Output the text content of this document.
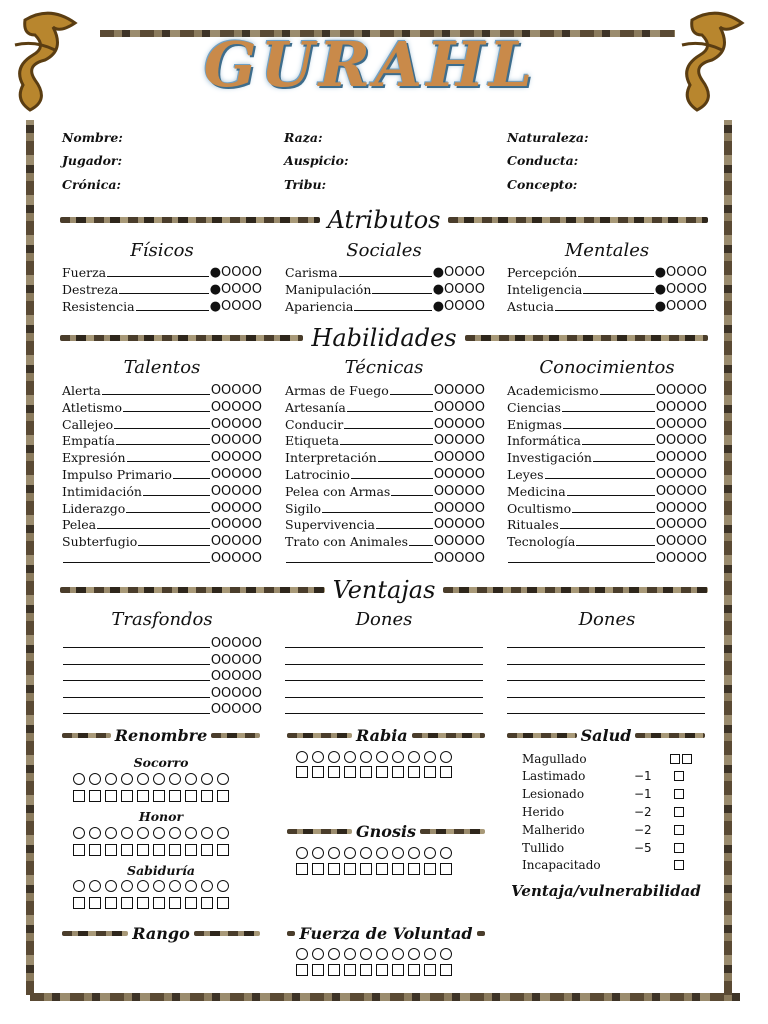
GURAHL
Nombre:
Jugador:
Crónica:
Raza:
Auspicio:
Tribu:
Naturaleza:
Conducta:
Concepto:
Atributos
Físicos	Sociales	Mentales
Fuerza	●OOOO
Destreza	●OOOO
Resistencia	●OOOO
Carisma	●OOOO
Manipulación	●OOOO
Apariencia	●OOOO
Percepción	●OOOO
Inteligencia	●OOOO
Astucia	●OOOO
Habilidades
Talentos	Técnicas	Conocimientos
Alerta	OOOOO
Atletismo	OOOOO
Callejeo	OOOOO
Empatía	OOOOO
Expresión	OOOOO
Impulso Primario	OOOOO
Intimidación	OOOOO
Liderazgo	OOOOO
Pelea	OOOOO
Subterfugio	OOOOO
OOOOO
Armas de Fuego	OOOOO
Artesanía	OOOOO
Conducir	OOOOO
Etiqueta	OOOOO
Interpretación	OOOOO
Latrocinio	OOOOO
Pelea con Armas	OOOOO
Sigilo	OOOOO
Supervivencia	OOOOO
Trato con Animales OOOOO
OOOOO
Academicismo	OOOOO
Ciencias	OOOOO
Enigmas	OOOOO
Informática	OOOOO
Investigación	OOOOO
Leyes	OOOOO
Medicina	OOOOO
Ocultismo	OOOOO
Rituales	OOOOO
Tecnología	OOOOO
OOOOO
Ventajas
Trasfondos	Dones	Dones
OOOOO
OOOOO
OOOOO
OOOOO
OOOOO
Renombre
Socorro
Honor
Sabiduría
Rabia
Gnosis
Fuerza de Voluntad
Rango
Salud
Magullado
Lastimado	−1
Lesionado	−1
Herido	−2
Malherido	−2
Tullido	−5
Incapacitado
Ventaja/vulnerabilidad
